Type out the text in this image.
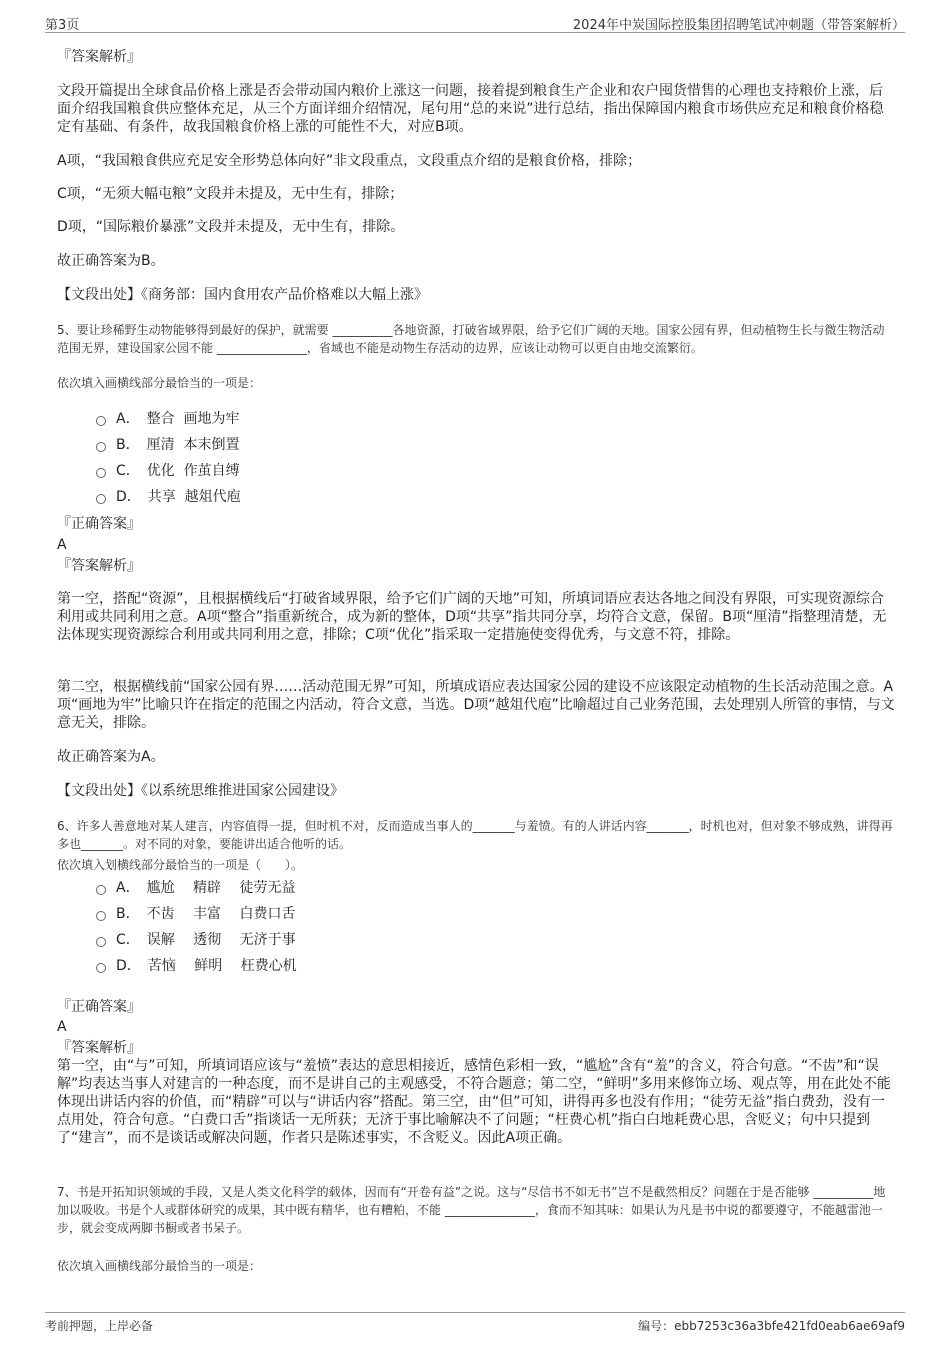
第3页	2024年中炭国际控股集团招聘笔试冲刺题（带答案解析）
『答案解析』
文段开篇提出全球食品价格上涨是否会带动国内粮价上涨这一问题，接着提到粮食生产企业和农户囤货惜售的心理也支持粮价上涨，后面介绍我国粮食供应整体充足，从三个方面详细介绍情况，尾句用“总的来说”进行总结，指出保障国内粮食市场供应充足和粮食价格稳定有基础、有条件，故我国粮食价格上涨的可能性不大，对应B项。
A项，“我国粮食供应充足安全形势总体向好”非文段重点，文段重点介绍的是粮食价格，排除；
C项，“无须大幅屯粮”文段并未提及，无中生有，排除；
D项，“国际粮价暴涨”文段并未提及，无中生有，排除。
故正确答案为B。
【文段出处】《商务部：国内食用农产品价格难以大幅上涨》
5、要让珍稀野生动物能够得到最好的保护，就需要 __________各地资源，打破省域界限，给予它们广阔的天地。国家公园有界，但动植物生长与微生物活动范围无界，建设国家公园不能 _______________，省域也不能是动物生存活动的边界，应该让动物可以更自由地交流繁衍。
依次填入画横线部分最恰当的一项是：
A．　整合  画地为牢
B．　厘清  本末倒置
C．　优化  作茧自缚
D．　共享  越俎代庖
『正确答案』
A
『答案解析』
第一空，搭配“资源”，且根据横线后“打破省域界限，给予它们广阔的天地”可知，所填词语应表达各地之间没有界限，可实现资源综合利用或共同利用之意。A项“整合”指重新统合，成为新的整体，D项“共享”指共同分享，均符合文意，保留。B项“厘清”指整理清楚，无法体现实现资源综合利用或共同利用之意，排除；C项“优化”指采取一定措施使变得优秀，与文意不符，排除。
第二空，根据横线前“国家公园有界……活动范围无界”可知，所填成语应表达国家公园的建设不应该限定动植物的生长活动范围之意。A项“画地为牢”比喻只许在指定的范围之内活动，符合文意，当选。D项“越俎代庖”比喻超过自己业务范围，去处理别人所管的事情，与文意无关，排除。
故正确答案为A。
【文段出处】《以系统思维推进国家公园建设》
6、许多人善意地对某人建言，内容值得一提，但时机不对，反而造成当事人的_______与羞愤。有的人讲话内容_______，时机也对，但对象不够成熟，讲得再多也_______。对不同的对象，要能讲出适合他听的话。
依次填入划横线部分最恰当的一项是（　　）。
A．　尴尬　 精辟　 徒劳无益
B．　不齿　 丰富　 白费口舌
C．　误解　 透彻　 无济于事
D．　苦恼　 鲜明　 枉费心机
『正确答案』
A
『答案解析』
第一空，由“与”可知，所填词语应该与“羞愤”表达的意思相接近，感情色彩相一致，“尴尬”含有“羞”的含义，符合句意。“不齿”和“误解”均表达当事人对建言的一种态度，而不是讲自己的主观感受，不符合题意；第二空，“鲜明”多用来修饰立场、观点等，用在此处不能体现出讲话内容的价值，而“精辟”可以与“讲话内容”搭配。第三空，由“但”可知，讲得再多也没有作用；“徒劳无益”指白费劲，没有一点用处，符合句意。“白费口舌”指谈话一无所获；无济于事比喻解决不了问题；“枉费心机”指白白地耗费心思，含贬义；句中只提到了“建言”，而不是谈话或解决问题，作者只是陈述事实，不含贬义。因此A项正确。
7、书是开拓知识领域的手段，又是人类文化科学的载体，因而有“开卷有益”之说。这与“尽信书不如无书”岂不是截然相反？问题在于是否能够 __________地加以吸收。书是个人或群体研究的成果，其中既有精华，也有糟粕，不能 _______________，食而不知其味：如果认为凡是书中说的都要遵守，不能越雷池一步，就会变成两脚书橱或者书呆子。
依次填入画横线部分最恰当的一项是：
考前押题，上岸必备	编号：ebb7253c36a3bfe421fd0eab6ae69af9
